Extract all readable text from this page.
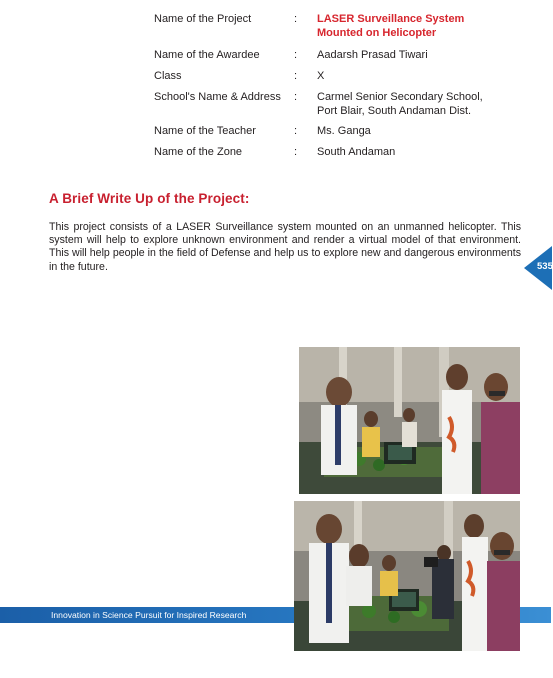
Name of the Project	: LASER Surveillance System
Mounted on Helicopter
Name of the Awardee	: Aadarsh Prasad Tiwari
Class	: X
School's Name & Address : Carmel Senior Secondary School,
Port Blair, South Andaman Dist.
Name of the Teacher	: Ms. Ganga
Name of the Zone	: South Andaman
A Brief Write Up of the Project:

This project consists of a LASER Surveillance system mounted on an unmanned helicopter. This system will help to explore unknown environment and render a virtual model of that environment. This will help people in the field of Defense and help us to explore new and dangerous environments in the future.	535
Innovation in Science Pursuit for Inspired Research
